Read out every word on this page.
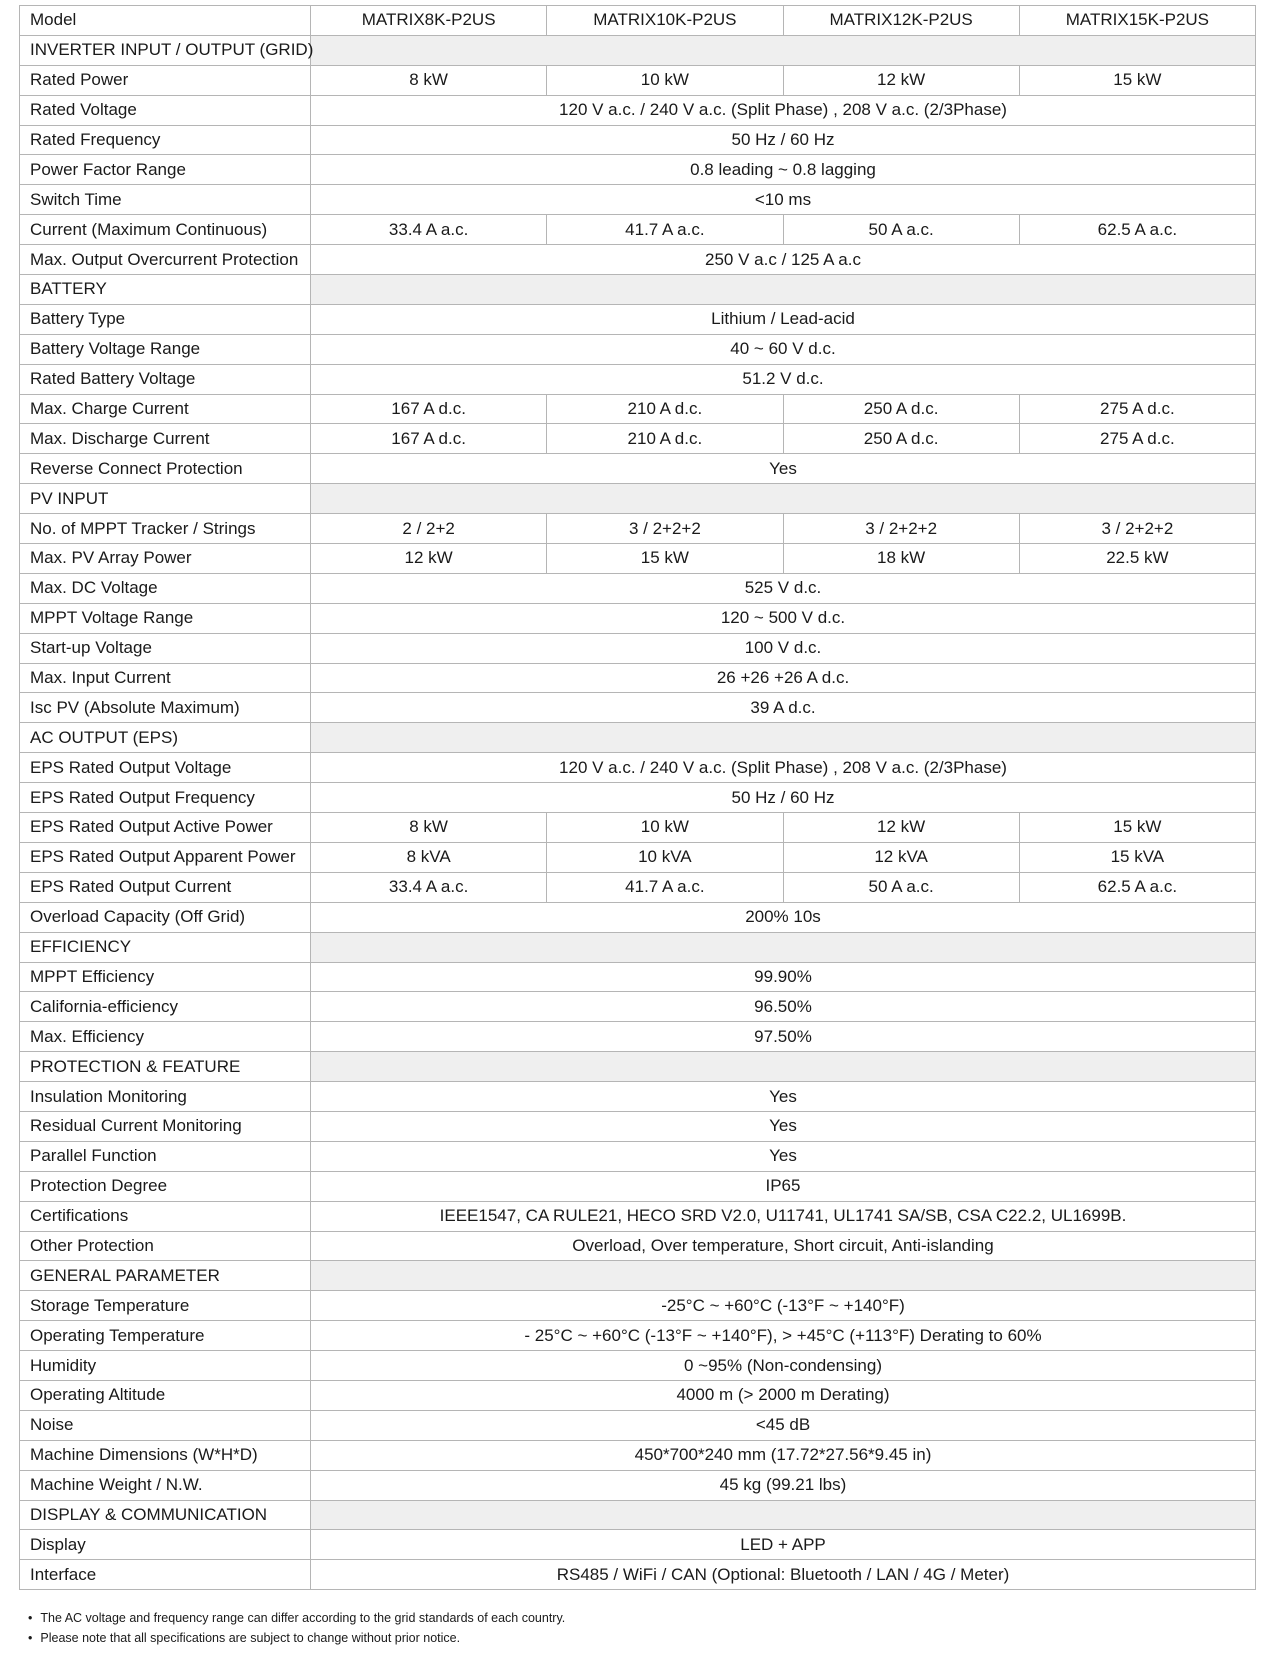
Model	MATRIX8K-P2US	MATRIX10K-P2US	MATRIX12K-P2US	MATRIX15K-P2US
INVERTER INPUT / OUTPUT (GRID)				
Rated Power	8 kW	10 kW	12 kW	15 kW
Rated Voltage	120 V a.c. / 240 V a.c. (Split Phase) , 208 V a.c. (2/3Phase)			
Rated Frequency	50 Hz / 60 Hz			
Power Factor Range	0.8 leading ~ 0.8 lagging			
Switch Time	<10 ms			
Current (Maximum Continuous)	33.4 A a.c.	41.7 A a.c.	50 A a.c.	62.5 A a.c.
Max. Output Overcurrent Protection	250 V a.c / 125 A a.c			
BATTERY				
Battery Type	Lithium / Lead-acid			
Battery Voltage Range	40 ~ 60 V d.c.			
Rated Battery Voltage	51.2 V d.c.			
Max. Charge Current	167 A d.c.	210 A d.c.	250 A d.c.	275 A d.c.
Max. Discharge Current	167 A d.c.	210 A d.c.	250 A d.c.	275 A d.c.
Reverse Connect Protection	Yes			
PV INPUT				
No. of MPPT Tracker / Strings	2 / 2+2	3 / 2+2+2	3 / 2+2+2	3 / 2+2+2
Max. PV Array Power	12 kW	15 kW	18 kW	22.5 kW
Max. DC Voltage	525 V d.c.			
MPPT Voltage Range	120 ~ 500 V d.c.			
Start-up Voltage	100 V d.c.			
Max. Input Current	26 +26 +26 A d.c.			
Isc PV (Absolute Maximum)	39 A d.c.			
AC OUTPUT (EPS)				
EPS Rated Output Voltage	120 V a.c. / 240 V a.c. (Split Phase) , 208 V a.c. (2/3Phase)			
EPS Rated Output Frequency	50 Hz / 60 Hz			
EPS Rated Output Active Power	8 kW	10 kW	12 kW	15 kW
EPS Rated Output Apparent Power	8 kVA	10 kVA	12 kVA	15 kVA
EPS Rated Output Current	33.4 A a.c.	41.7 A a.c.	50 A a.c.	62.5 A a.c.
Overload Capacity (Off Grid)	200% 10s			
EFFICIENCY				
MPPT Efficiency	99.90%			
California-efficiency	96.50%			
Max. Efficiency	97.50%			
PROTECTION & FEATURE				
Insulation Monitoring	Yes			
Residual Current Monitoring	Yes			
Parallel Function	Yes			
Protection Degree	IP65			
Certifications	IEEE1547, CA RULE21, HECO SRD V2.0, U11741, UL1741 SA/SB, CSA C22.2, UL1699B.			
Other Protection	Overload, Over temperature, Short circuit, Anti-islanding			
GENERAL PARAMETER				
Storage Temperature	-25°C ~ +60°C (-13°F ~ +140°F)			
Operating Temperature	- 25°C ~ +60°C (-13°F ~ +140°F), > +45°C (+113°F) Derating to 60%			
Humidity	0 ~95% (Non-condensing)			
Operating Altitude	4000 m (> 2000 m Derating)			
Noise	<45 dB			
Machine Dimensions (W*H*D)	450*700*240 mm (17.72*27.56*9.45 in)			
Machine Weight / N.W.	45 kg (99.21 lbs)			
DISPLAY & COMMUNICATION				
Display	LED + APP			
Interface	RS485 / WiFi / CAN (Optional: Bluetooth / LAN / 4G / Meter)			
• The AC voltage and frequency range can differ according to the grid standards of each country.
• Please note that all specifications are subject to change without prior notice.
